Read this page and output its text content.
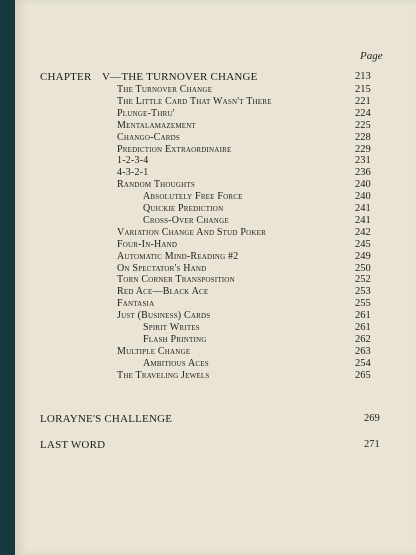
Page
CHAPTER V—THE TURNOVER CHANGE	213
The Turnover Change	215
The Little Card That Wasn't There	221
Plunge-Thru'	224
Mentalamazement	225
Chango-Cards	228
Prediction Extraordinaire	229
1-2-3-4	231
4-3-2-1	236
Random Thoughts	240
Absolutely Free Force	240
Quickie Prediction	241
Cross-Over Change	241
Variation Change And Stud Poker	242
Four-In-Hand	245
Automatic Mind-Reading #2	249
On Spectator's Hand	250
Torn Corner Transposition	252
Red Ace—Black Ace	253
Fantasia	255
Just (Business) Cards	261
Spirit Writes	261
Flash Printing	262
Multiple Change	263
Ambitious Aces	254
The Traveling Jewels	265
LORAYNE'S CHALLENGE	269
LAST WORD	271
